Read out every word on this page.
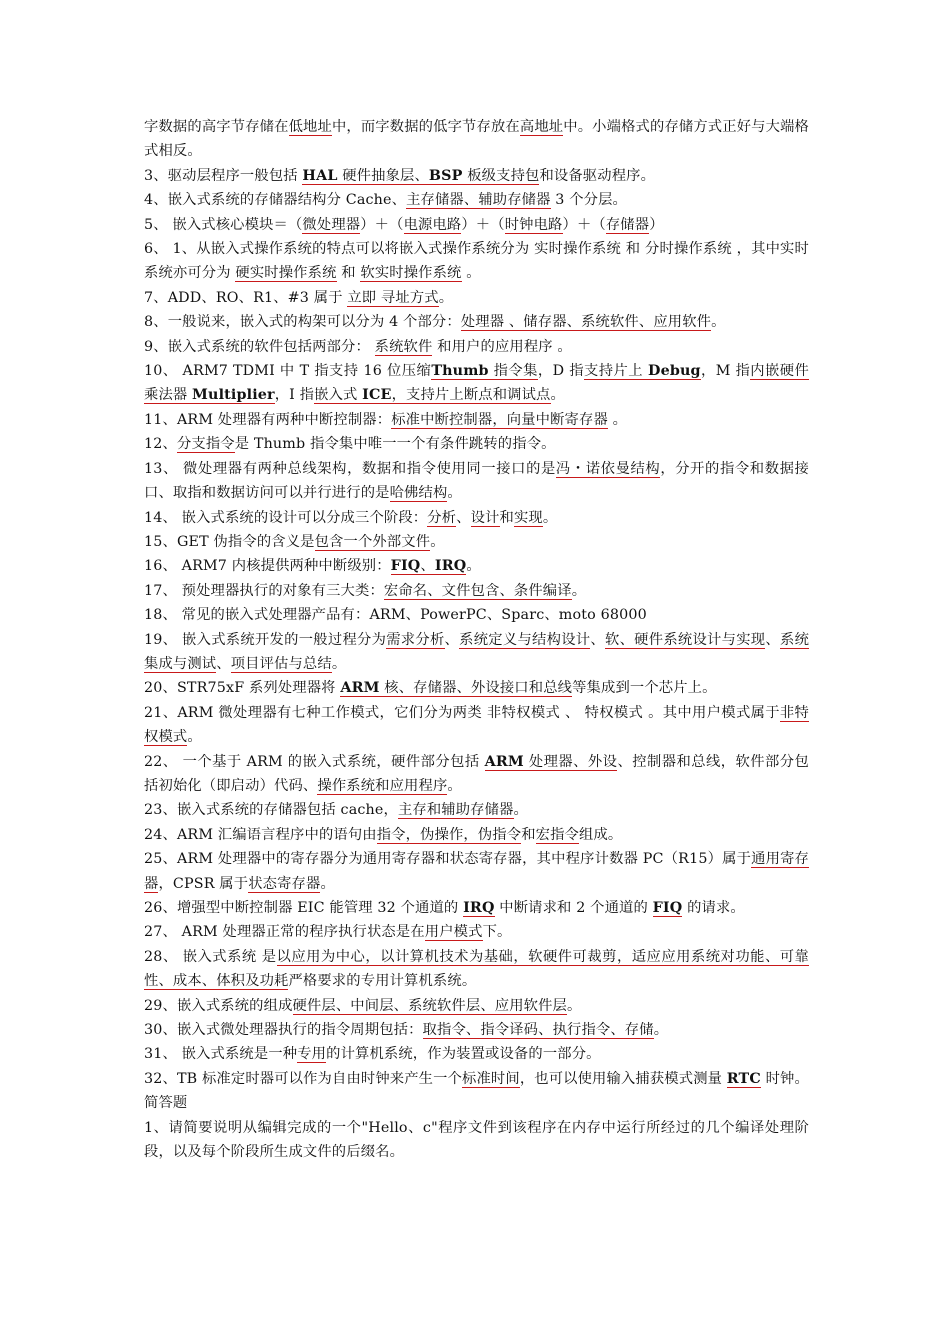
字数据的高字节存储在低地址中，而字数据的低字节存放在高地址中。小端格式的存储方式正好与大端格式相反。

3、驱动层程序一般包括 HAL 硬件抽象层、BSP 板级支持包和设备驱动程序。

4、嵌入式系统的存储器结构分 Cache、主存储器、辅助存储器 3 个分层。

5、 嵌入式核心模块＝（微处理器）＋（电源电路）＋（时钟电路）＋（存储器）

6、 1、从嵌入式操作系统的特点可以将嵌入式操作系统分为 实时操作系统 和 分时操作系统 ，其中实时系统亦可分为 硬实时操作系统 和 软实时操作系统 。

7、ADD、RO、R1、#3 属于 立即 寻址方式。

8、一般说来，嵌入式的构架可以分为 4 个部分：处理器 、储存器、系统软件、应用软件。

9、嵌入式系统的软件包括两部分： 系统软件 和用户的应用程序 。

10、 ARM7 TDMI 中 T 指支持 16 位压缩Thumb 指令集，D 指支持片上 Debug，M 指内嵌硬件乘法器 Multiplier，I 指嵌入式 ICE，支持片上断点和调试点。

11、ARM 处理器有两种中断控制器：标准中断控制器，向量中断寄存器 。

12、分支指令是 Thumb 指令集中唯一一个有条件跳转的指令。

13、 微处理器有两种总线架构，数据和指令使用同一接口的是冯・诺依曼结构，分开的指令和数据接口、取指和数据访问可以并行进行的是哈佛结构。

14、 嵌入式系统的设计可以分成三个阶段：分析、设计和实现。

15、GET 伪指令的含义是包含一个外部文件。

16、 ARM7 内核提供两种中断级别：FIQ、IRQ。

17、 预处理器执行的对象有三大类：宏命名、文件包含、条件编译。

18、 常见的嵌入式处理器产品有：ARM、PowerPC、Sparc、moto 68000

19、 嵌入式系统开发的一般过程分为需求分析、系统定义与结构设计、软、硬件系统设计与实现、系统集成与测试、项目评估与总结。

20、STR75xF 系列处理器将 ARM 核、存储器、外设接口和总线等集成到一个芯片上。

21、ARM 微处理器有七种工作模式，它们分为两类 非特权模式 、 特权模式 。其中用户模式属于非特权模式。

22、 一个基于 ARM 的嵌入式系统，硬件部分包括 ARM 处理器、外设、控制器和总线，软件部分包括初始化（即启动）代码、操作系统和应用程序。

23、嵌入式系统的存储器包括 cache，主存和辅助存储器。

24、ARM 汇编语言程序中的语句由指令，伪操作，伪指令和宏指令组成。

25、ARM 处理器中的寄存器分为通用寄存器和状态寄存器，其中程序计数器 PC（R15）属于通用寄存器，CPSR 属于状态寄存器。

26、增强型中断控制器 EIC 能管理 32 个通道的 IRQ 中断请求和 2 个通道的 FIQ 的请求。

27、 ARM 处理器正常的程序执行状态是在用户模式下。

28、 嵌入式系统 是以应用为中心，以计算机技术为基础，软硬件可裁剪，适应应用系统对功能、可靠性、成本、体积及功耗严格要求的专用计算机系统。

29、嵌入式系统的组成硬件层、中间层、系统软件层、应用软件层。

30、嵌入式微处理器执行的指令周期包括：取指令、指令译码、执行指令、存储。

31、 嵌入式系统是一种专用的计算机系统，作为装置或设备的一部分。

32、TB 标准定时器可以作为自由时钟来产生一个标准时间，也可以使用输入捕获模式测量 RTC 时钟。

简答题

1、请简要说明从编辑完成的一个"Hello、c"程序文件到该程序在内存中运行所经过的几个编译处理阶段，以及每个阶段所生成文件的后缀名。
